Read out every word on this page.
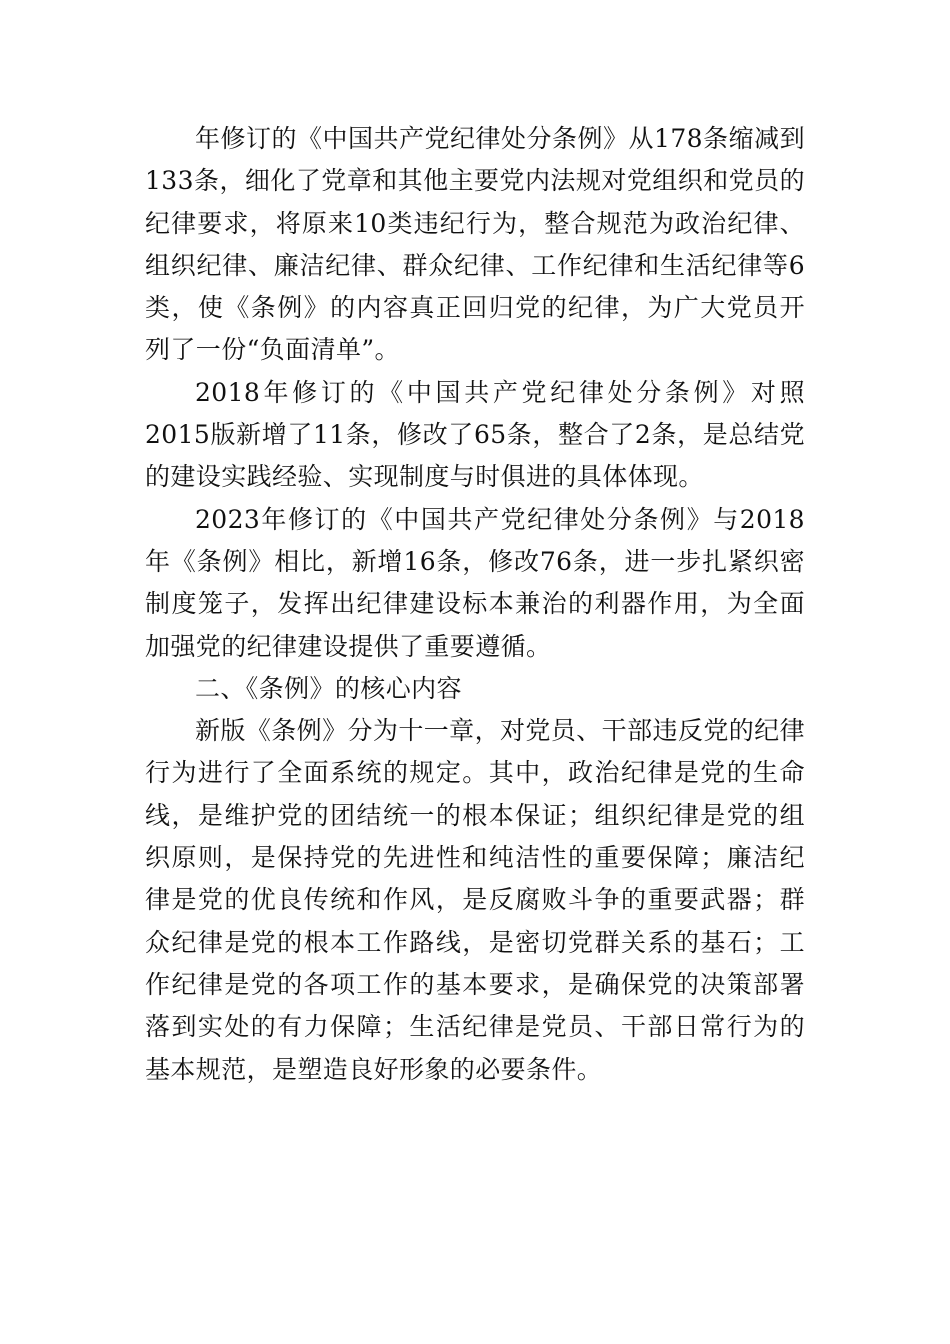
年修订的《中国共产党纪律处分条例》从178条缩减到133条，细化了党章和其他主要党内法规对党组织和党员的纪律要求，将原来10类违纪行为，整合规范为政治纪律、组织纪律、廉洁纪律、群众纪律、工作纪律和生活纪律等6类，使《条例》的内容真正回归党的纪律，为广大党员开列了一份“负面清单”。

2018年修订的《中国共产党纪律处分条例》对照2015版新增了11条，修改了65条，整合了2条，是总结党的建设实践经验、实现制度与时俱进的具体体现。

2023年修订的《中国共产党纪律处分条例》与2018年《条例》相比，新增16条，修改76条，进一步扎紧织密制度笼子，发挥出纪律建设标本兼治的利器作用，为全面加强党的纪律建设提供了重要遵循。

二、《条例》的核心内容

新版《条例》分为十一章，对党员、干部违反党的纪律行为进行了全面系统的规定。其中，政治纪律是党的生命线，是维护党的团结统一的根本保证；组织纪律是党的组织原则，是保持党的先进性和纯洁性的重要保障；廉洁纪律是党的优良传统和作风，是反腐败斗争的重要武器；群众纪律是党的根本工作路线，是密切党群关系的基石；工作纪律是党的各项工作的基本要求，是确保党的决策部署落到实处的有力保障；生活纪律是党员、干部日常行为的基本规范，是塑造良好形象的必要条件。
